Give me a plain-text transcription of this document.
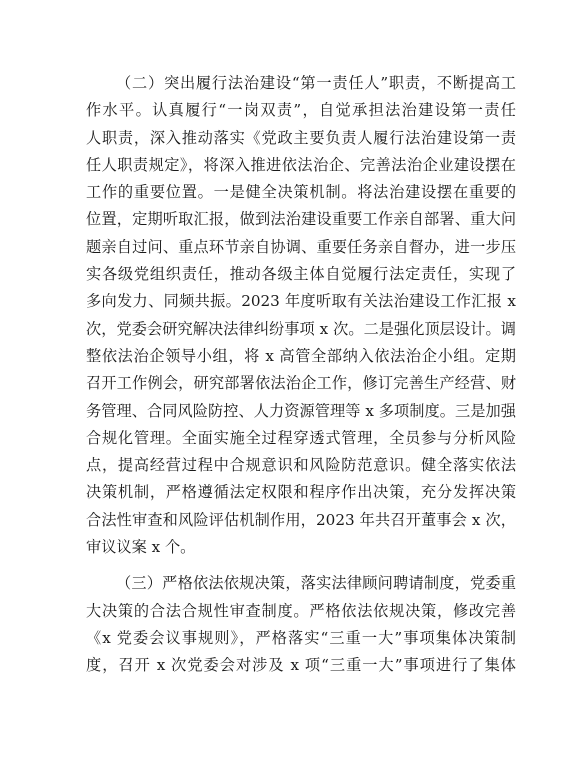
（二）突出履行法治建设“第一责任人”职责，不断提高工
作水平。认真履行“一岗双责”，自觉承担法治建设第一责任
人职责，深入推动落实《党政主要负责人履行法治建设第一责
任人职责规定》，将深入推进依法治企、完善法治企业建设摆在
工作的重要位置。一是健全决策机制。将法治建设摆在重要的
位置，定期听取汇报，做到法治建设重要工作亲自部署、重大问
题亲自过问、重点环节亲自协调、重要任务亲自督办，进一步压
实各级党组织责任，推动各级主体自觉履行法定责任，实现了
多向发力、同频共振。2023 年度听取有关法治建设工作汇报 x
次，党委会研究解决法律纠纷事项 x 次。二是强化顶层设计。调
整依法治企领导小组，将 x 高管全部纳入依法治企小组。定期
召开工作例会，研究部署依法治企工作，修订完善生产经营、财
务管理、合同风险防控、人力资源管理等 x 多项制度。三是加强
合规化管理。全面实施全过程穿透式管理，全员参与分析风险
点，提高经营过程中合规意识和风险防范意识。健全落实依法
决策机制，严格遵循法定权限和程序作出决策，充分发挥决策
合法性审查和风险评估机制作用，2023 年共召开董事会 x 次，
审议议案 x 个。
（三）严格依法依规决策，落实法律顾问聘请制度，党委重
大决策的合法合规性审查制度。严格依法依规决策，修改完善
《x 党委会议事规则》，严格落实“三重一大”事项集体决策制
度，召开 x 次党委会对涉及 x 项“三重一大”事项进行了集体
